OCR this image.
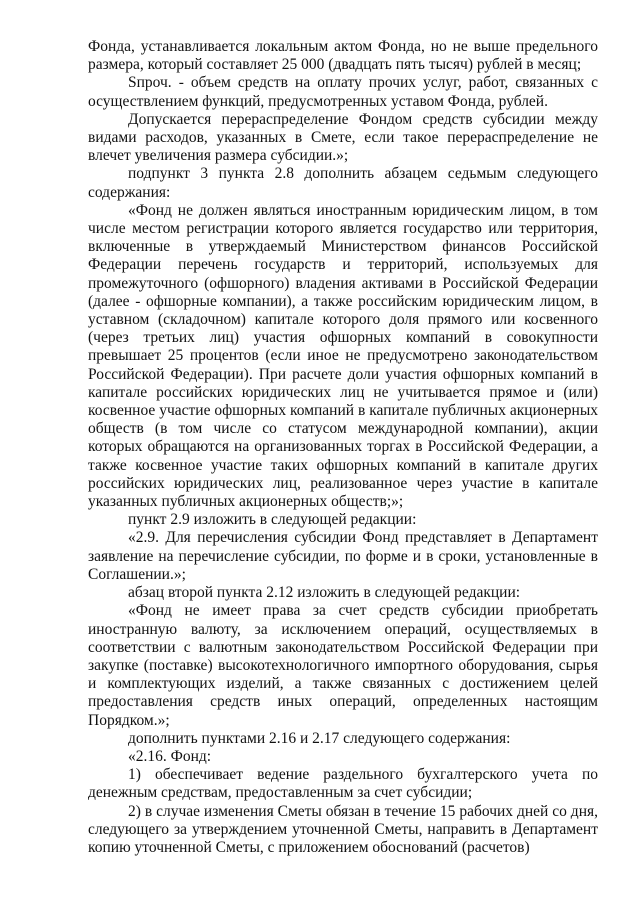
Фонда, устанавливается локальным актом Фонда, но не выше предельного размера, который составляет 25 000 (двадцать пять тысяч) рублей в месяц;

Sпроч. - объем средств на оплату прочих услуг, работ, связанных с осуществлением функций, предусмотренных уставом Фонда, рублей.

Допускается перераспределение Фондом средств субсидии между видами расходов, указанных в Смете, если такое перераспределение не влечет увеличения размера субсидии.»;

подпункт 3 пункта 2.8 дополнить абзацем седьмым следующего содержания:

«Фонд не должен являться иностранным юридическим лицом, в том числе местом регистрации которого является государство или территория, включенные в утверждаемый Министерством финансов Российской Федерации перечень государств и территорий, используемых для промежуточного (офшорного) владения активами в Российской Федерации (далее - офшорные компании), а также российским юридическим лицом, в уставном (складочном) капитале которого доля прямого или косвенного (через третьих лиц) участия офшорных компаний в совокупности превышает 25 процентов (если иное не предусмотрено законодательством Российской Федерации). При расчете доли участия офшорных компаний в капитале российских юридических лиц не учитывается прямое и (или) косвенное участие офшорных компаний в капитале публичных акционерных обществ (в том числе со статусом международной компании), акции которых обращаются на организованных торгах в Российской Федерации, а также косвенное участие таких офшорных компаний в капитале других российских юридических лиц, реализованное через участие в капитале указанных публичных акционерных обществ;»;

пункт 2.9 изложить в следующей редакции:

«2.9. Для перечисления субсидии Фонд представляет в Департамент заявление на перечисление субсидии, по форме и в сроки, установленные в Соглашении.»;

абзац второй пункта 2.12 изложить в следующей редакции:

«Фонд не имеет права за счет средств субсидии приобретать иностранную валюту, за исключением операций, осуществляемых в соответствии с валютным законодательством Российской Федерации при закупке (поставке) высокотехнологичного импортного оборудования, сырья и комплектующих изделий, а также связанных с достижением целей предоставления средств иных операций, определенных настоящим Порядком.»;

дополнить пунктами 2.16 и 2.17 следующего содержания:

«2.16. Фонд:

1) обеспечивает ведение раздельного бухгалтерского учета по денежным средствам, предоставленным за счет субсидии;

2) в случае изменения Сметы обязан в течение 15 рабочих дней со дня, следующего за утверждением уточненной Сметы, направить в Департамент копию уточненной Сметы, с приложением обоснований (расчетов)
